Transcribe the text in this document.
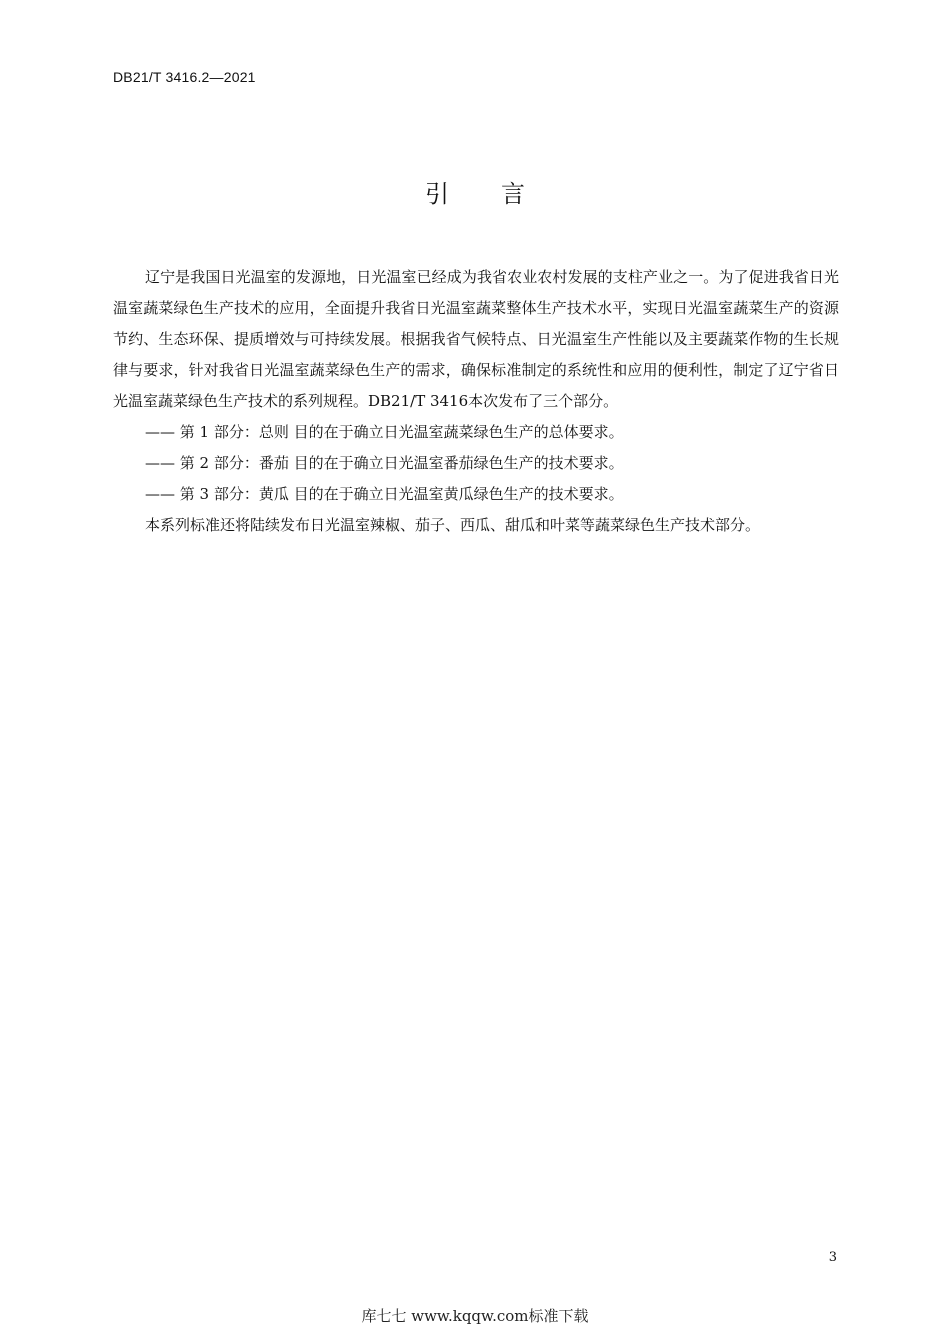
DB21/T 3416.2—2021
引言

辽宁是我国日光温室的发源地，日光温室已经成为我省农业农村发展的支柱产业之一。为了促进我省日光温室蔬菜绿色生产技术的应用，全面提升我省日光温室蔬菜整体生产技术水平，实现日光温室蔬菜生产的资源节约、生态环保、提质增效与可持续发展。根据我省气候特点、日光温室生产性能以及主要蔬菜作物的生长规律与要求，针对我省日光温室蔬菜绿色生产的需求，确保标准制定的系统性和应用的便利性，制定了辽宁省日光温室蔬菜绿色生产技术的系列规程。DB21/T 3416本次发布了三个部分。

—— 第 1 部分：总则 目的在于确立日光温室蔬菜绿色生产的总体要求。

—— 第 2 部分：番茄 目的在于确立日光温室番茄绿色生产的技术要求。

—— 第 3 部分：黄瓜 目的在于确立日光温室黄瓜绿色生产的技术要求。

本系列标准还将陆续发布日光温室辣椒、茄子、西瓜、甜瓜和叶菜等蔬菜绿色生产技术部分。

3
库七七 www.kqqw.com标准下载
